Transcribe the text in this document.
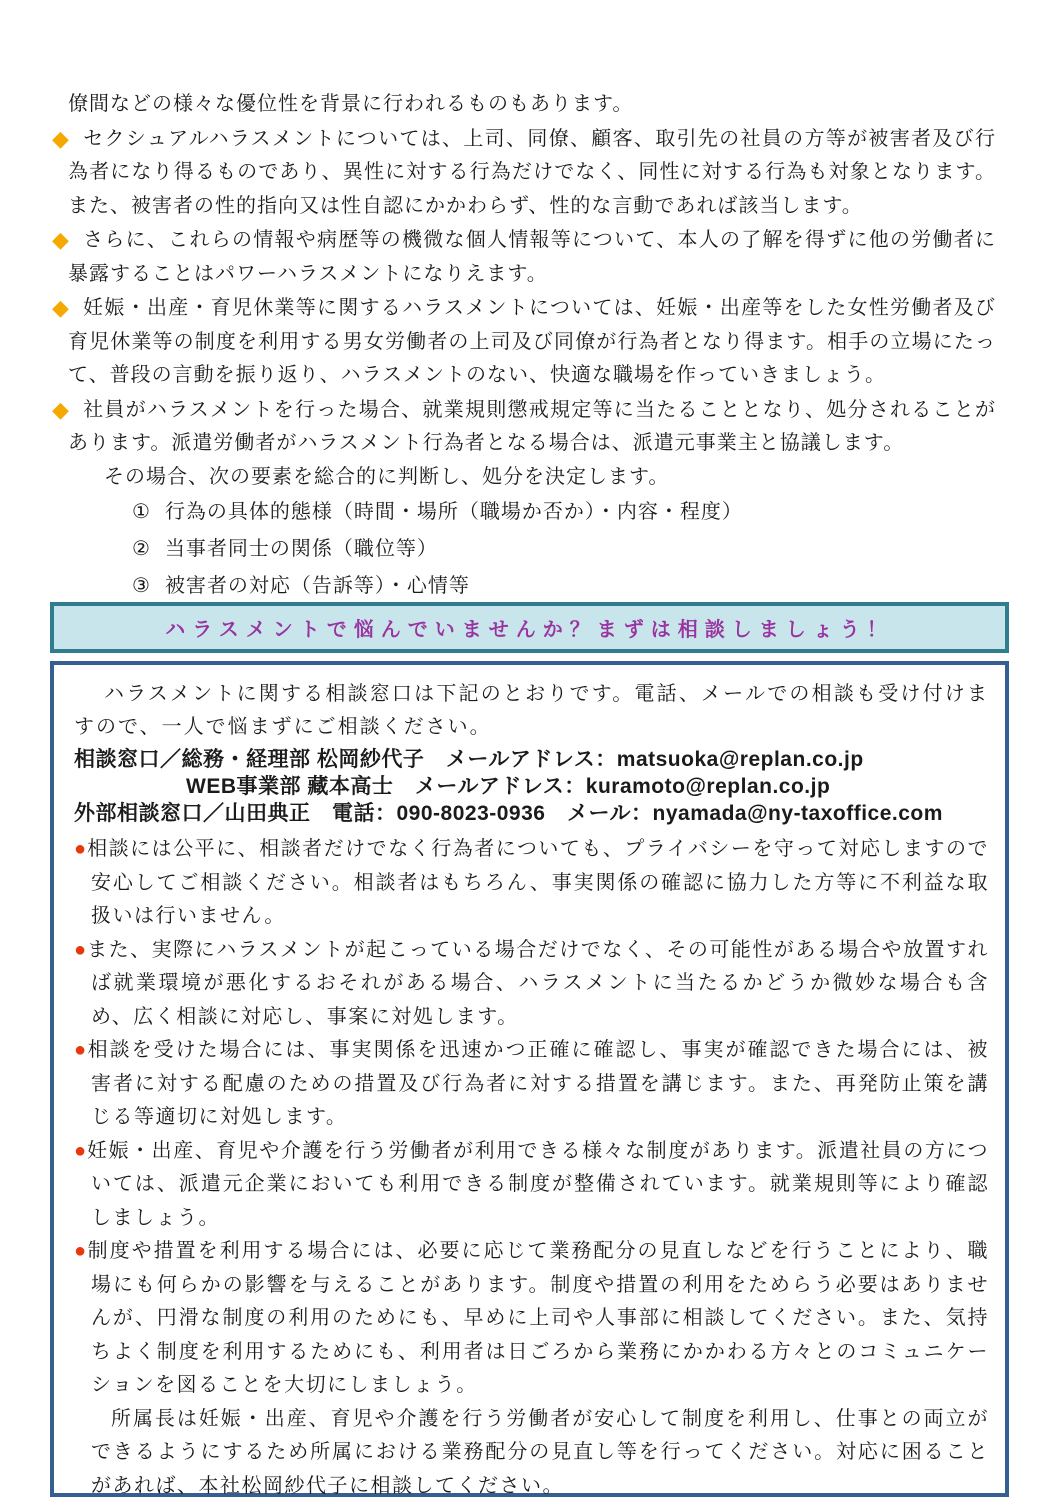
僚間などの様々な優位性を背景に行われるものもあります。

◆ セクシュアルハラスメントについては、上司、同僚、顧客、取引先の社員の方等が被害者及び行為者になり得るものであり、異性に対する行為だけでなく、同性に対する行為も対象となります。また、被害者の性的指向又は性自認にかかわらず、性的な言動であれば該当します。

◆ さらに、これらの情報や病歴等の機微な個人情報等について、本人の了解を得ずに他の労働者に暴露することはパワーハラスメントになりえます。

◆ 妊娠・出産・育児休業等に関するハラスメントについては、妊娠・出産等をした女性労働者及び育児休業等の制度を利用する男女労働者の上司及び同僚が行為者となり得ます。相手の立場にたって、普段の言動を振り返り、ハラスメントのない、快適な職場を作っていきましょう。

◆ 社員がハラスメントを行った場合、就業規則懲戒規定等に当たることとなり、処分されることがあります。派遣労働者がハラスメント行為者となる場合は、派遣元事業主と協議します。

その場合、次の要素を総合的に判断し、処分を決定します。

① 行為の具体的態様（時間・場所（職場か否か）・内容・程度）

② 当事者同士の関係（職位等）

③ 被害者の対応（告訴等）・心情等

ハラスメントで悩んでいませんか？まずは相談しましょう！

ハラスメントに関する相談窓口は下記のとおりです。電話、メールでの相談も受け付けますので、一人で悩まずにご相談ください。

相談窓口／総務・経理部 松岡紗代子　メールアドレス：matsuoka@replan.co.jp

WEB事業部 藏本高士　メールアドレス：kuramoto@replan.co.jp

外部相談窓口／山田典正　電話：090-8023-0936　メール：nyamada@ny-taxoffice.com

●相談には公平に、相談者だけでなく行為者についても、プライバシーを守って対応しますので安心してご相談ください。相談者はもちろん、事実関係の確認に協力した方等に不利益な取扱いは行いません。

●また、実際にハラスメントが起こっている場合だけでなく、その可能性がある場合や放置すれば就業環境が悪化するおそれがある場合、ハラスメントに当たるかどうか微妙な場合も含め、広く相談に対応し、事案に対処します。

●相談を受けた場合には、事実関係を迅速かつ正確に確認し、事実が確認できた場合には、被害者に対する配慮のための措置及び行為者に対する措置を講じます。また、再発防止策を講じる等適切に対処します。

●妊娠・出産、育児や介護を行う労働者が利用できる様々な制度があります。派遣社員の方については、派遣元企業においても利用できる制度が整備されています。就業規則等により確認しましょう。

●制度や措置を利用する場合には、必要に応じて業務配分の見直しなどを行うことにより、職場にも何らかの影響を与えることがあります。制度や措置の利用をためらう必要はありませんが、円滑な制度の利用のためにも、早めに上司や人事部に相談してください。また、気持ちよく制度を利用するためにも、利用者は日ごろから業務にかかわる方々とのコミュニケーションを図ることを大切にしましょう。

所属長は妊娠・出産、育児や介護を行う労働者が安心して制度を利用し、仕事との両立ができるようにするため所属における業務配分の見直し等を行ってください。対応に困ることがあれば、本社松岡紗代子に相談してください。
